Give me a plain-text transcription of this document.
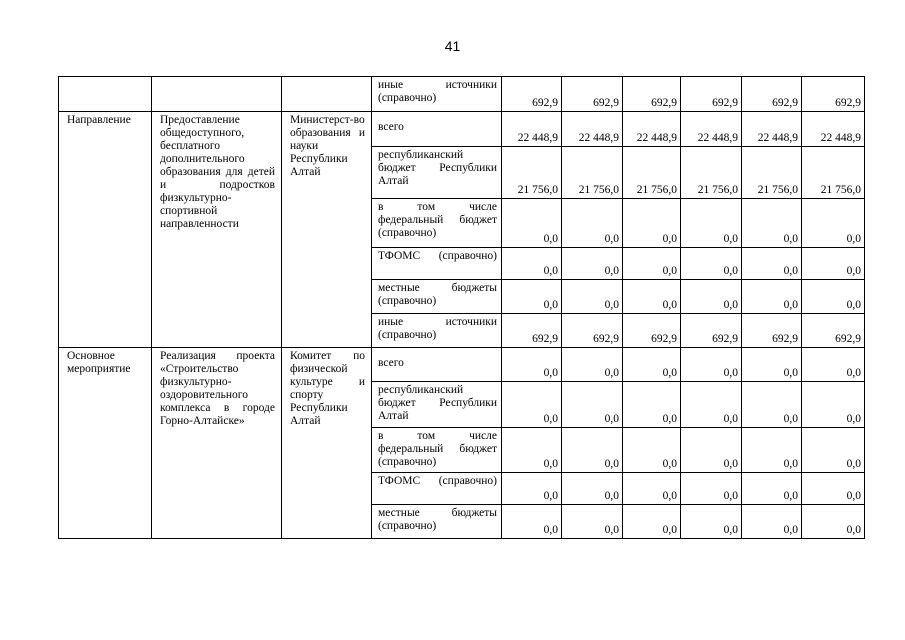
41
			иные источники (справочно)	692,9	692,9	692,9	692,9	692,9	692,9
Направление	Предоставление общедоступного, бесплатного дополнительного образования для детей и подростков физкультурно-спортивной направленности	Министерст-во образования и науки Республики Алтай	всего	22 448,9	22 448,9	22 448,9	22 448,9	22 448,9	22 448,9
			республиканский бюджет Республики Алтай	21 756,0	21 756,0	21 756,0	21 756,0	21 756,0	21 756,0
			в том числе федеральный бюджет (справочно)	0,0	0,0	0,0	0,0	0,0	0,0
			ТФОМС (справочно)	0,0	0,0	0,0	0,0	0,0	0,0
			местные бюджеты (справочно)	0,0	0,0	0,0	0,0	0,0	0,0
			иные источники (справочно)	692,9	692,9	692,9	692,9	692,9	692,9
Основное мероприятие	Реализация проекта «Строительство физкультурно-оздоровительного комплекса в городе Горно-Алтайске»	Комитет по физической культуре и спорту Республики Алтай	всего	0,0	0,0	0,0	0,0	0,0	0,0
			республиканский бюджет Республики Алтай	0,0	0,0	0,0	0,0	0,0	0,0
			в том числе федеральный бюджет (справочно)	0,0	0,0	0,0	0,0	0,0	0,0
			ТФОМС (справочно)	0,0	0,0	0,0	0,0	0,0	0,0
			местные бюджеты (справочно)	0,0	0,0	0,0	0,0	0,0	0,0
